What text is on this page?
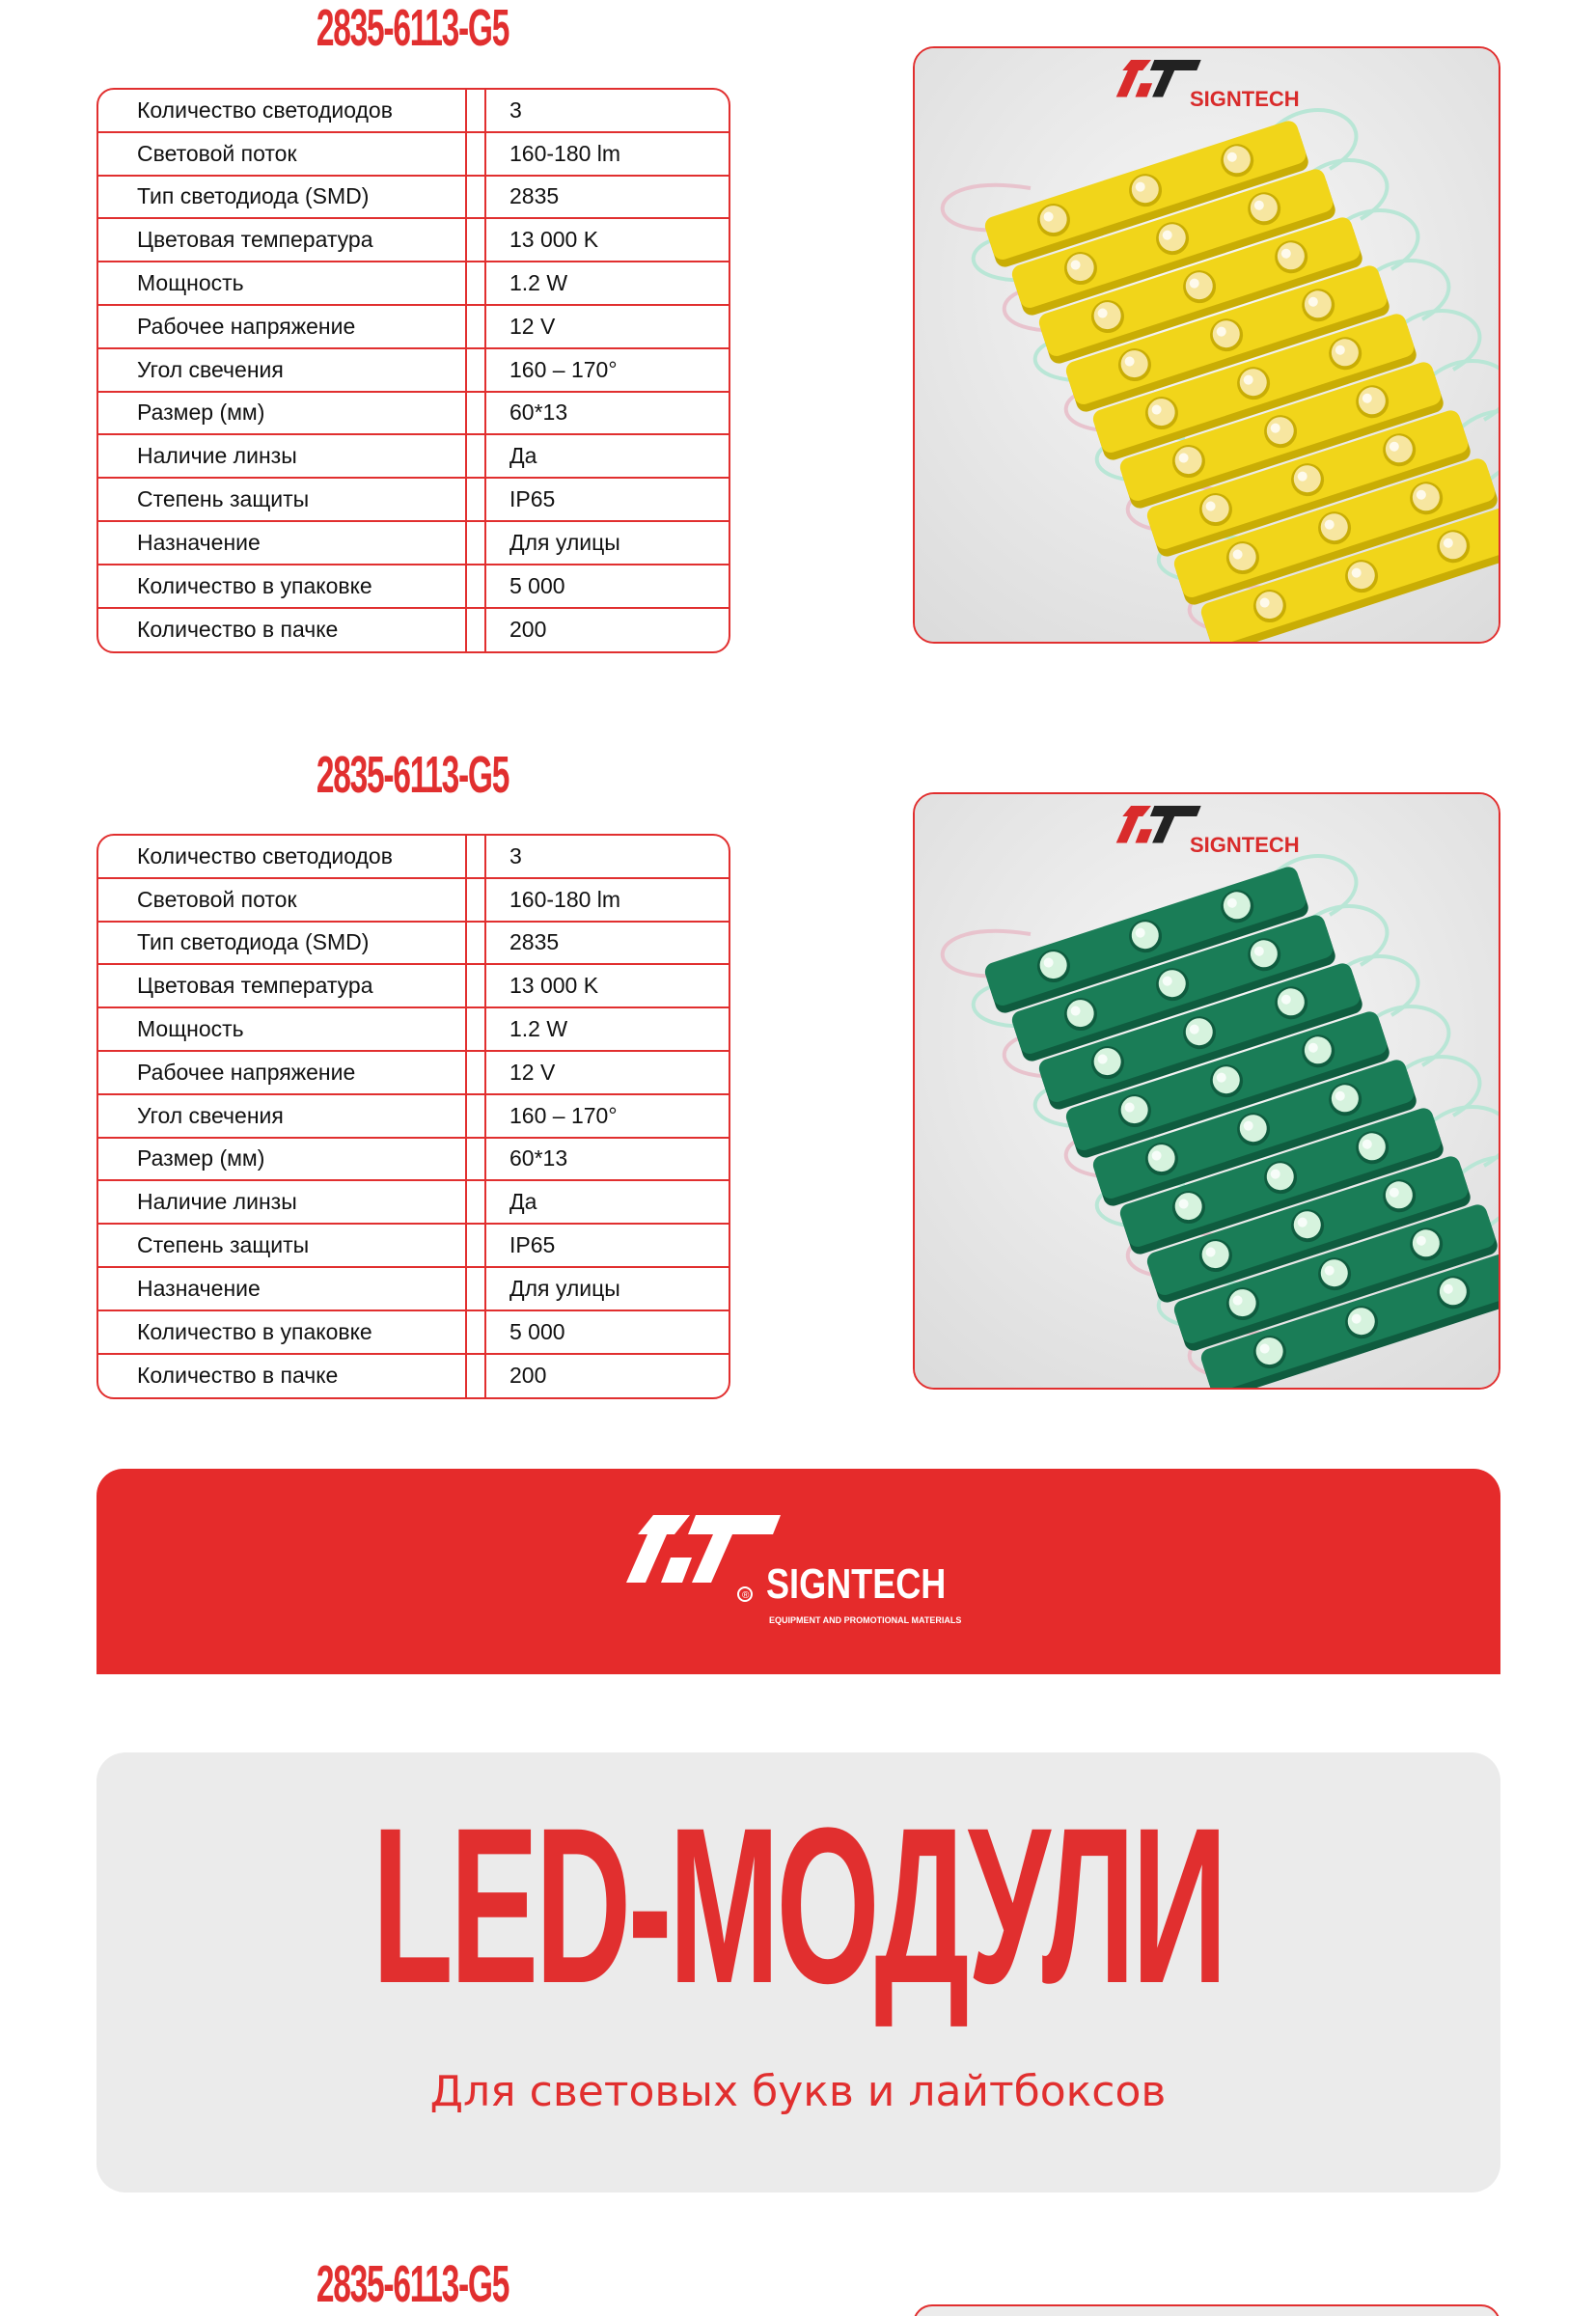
2835-6113-G5
Количество светодиодов	3
Световой поток	160-180 lm
Тип светодиода (SMD)	2835
Цветовая температура	13 000 K
Мощность	1.2 W
Рабочее напряжение	12 V
Угол свечения	160 – 170°
Размер (мм)	60*13
Наличие линзы	Да
Степень защиты	IP65
Назначение	Для улицы
Количество в упаковке	5 000
Количество в пачке	200
SIGNTECH
2835-6113-G5
Количество светодиодов	3
Световой поток	160-180 lm
Тип светодиода (SMD)	2835
Цветовая температура	13 000 K
Мощность	1.2 W
Рабочее напряжение	12 V
Угол свечения	160 – 170°
Размер (мм)	60*13
Наличие линзы	Да
Степень защиты	IP65
Назначение	Для улицы
Количество в упаковке	5 000
Количество в пачке	200
SIGNTECH
® SIGNTECH
EQUIPMENT AND PROMOTIONAL MATERIALS
LED-МОДУЛИ
Для световых букв и лайтбоксов
2835-6113-G5
